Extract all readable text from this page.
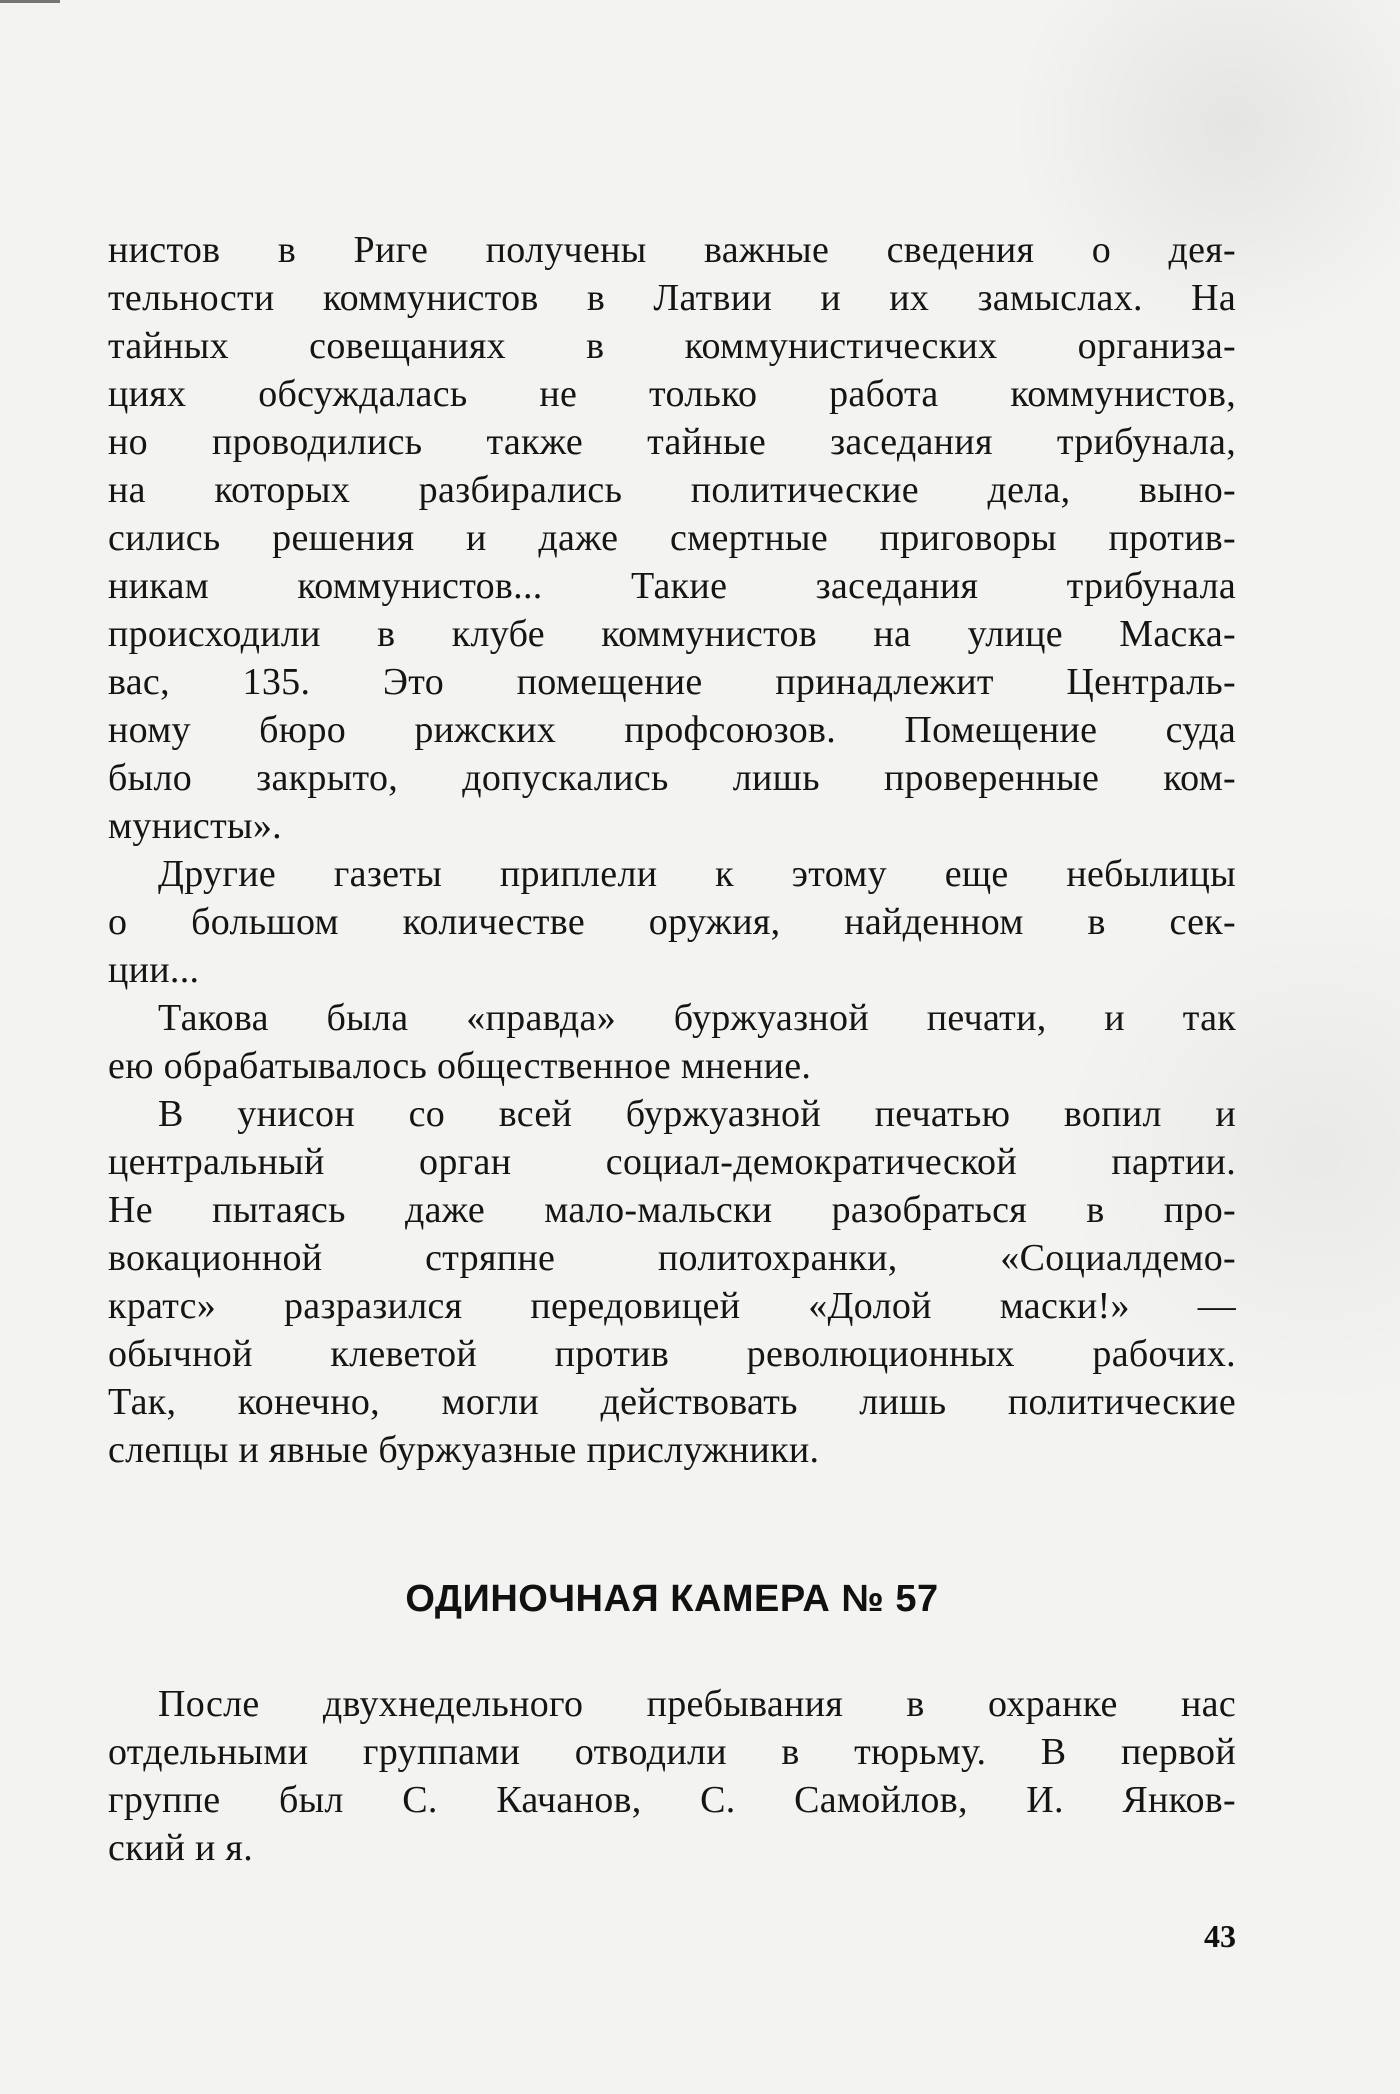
нистов в Риге получены важные сведения о дея-
тельности коммунистов в Латвии и их замыслах. На
тайных совещаниях в коммунистических организа-
циях обсуждалась не только работа коммунистов,
но проводились также тайные заседания трибунала,
на которых разбирались политические дела, выно-
сились решения и даже смертные приговоры против-
никам коммунистов... Такие заседания трибунала
происходили в клубе коммунистов на улице Маска-
вас, 135. Это помещение принадлежит Централь-
ному бюро рижских профсоюзов. Помещение суда
было закрыто, допускались лишь проверенные ком-
мунисты».
Другие газеты приплели к этому еще небылицы
о большом количестве оружия, найденном в сек-
ции...
Такова была «правда» буржуазной печати, и так
ею обрабатывалось общественное мнение.
В унисон со всей буржуазной печатью вопил и
центральный орган социал-демократической партии.
Не пытаясь даже мало-мальски разобраться в про-
вокационной стряпне политохранки, «Социалдемо-
кратс» разразился передовицей «Долой маски!» —
обычной клеветой против революционных рабочих.
Так, конечно, могли действовать лишь политические
слепцы и явные буржуазные прислужники.
ОДИНОЧНАЯ КАМЕРА № 57
После двухнедельного пребывания в охранке нас
отдельными группами отводили в тюрьму. В первой
группе был С. Качанов, С. Самойлов, И. Янков-
ский и я.
43
